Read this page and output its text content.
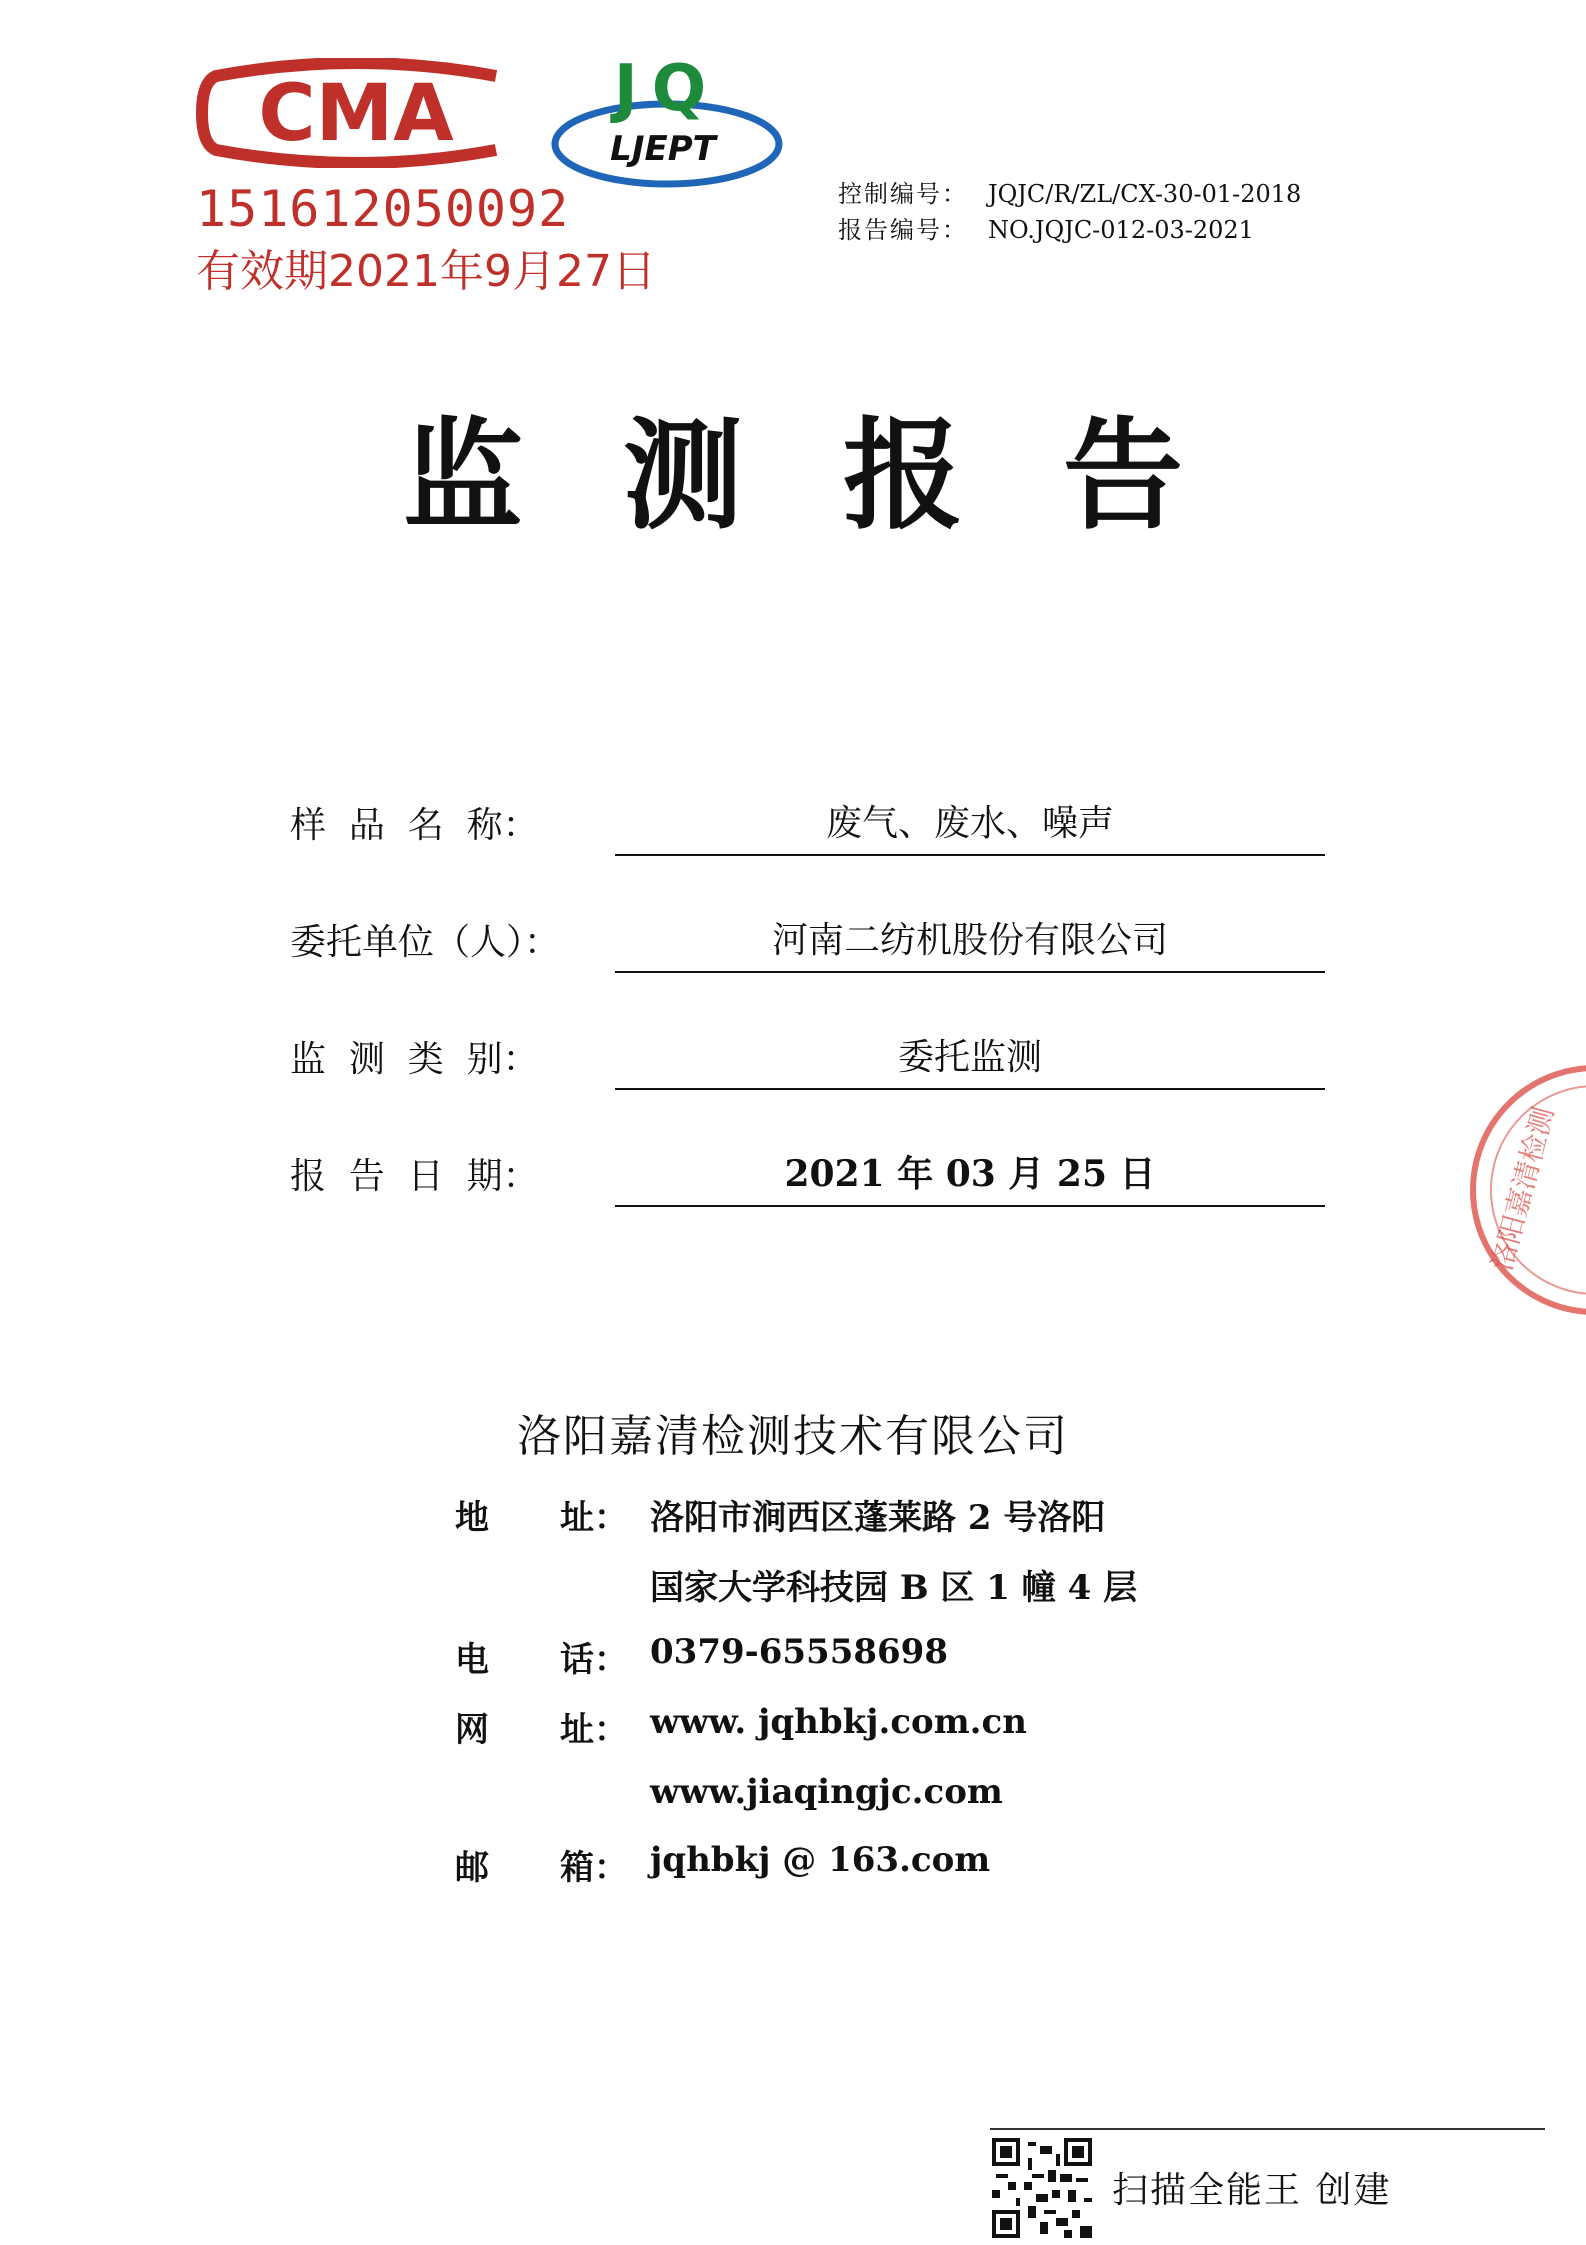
CMA
151612050092
有效期2021年9月27日
JQ
LJEPT
控制编号： JQJC/R/ZL/CX-30-01-2018
报告编号： NO.JQJC-012-03-2021
监测报告
样  品  名  称：	废气、废水、噪声
委托单位（人）：	河南二纺机股份有限公司
监  测  类  别：	委托监测
报  告  日  期：	2021 年 03 月 25 日	洛阳嘉清检测
洛阳嘉清检测技术有限公司
地      址： 洛阳市涧西区蓬莱路 2 号洛阳
国家大学科技园 B 区 1 幢 4 层
电      话： 0379-65558698
网      址： www. jqhbkj.com.cn
www.jiaqingjc.com
邮      箱： jqhbkj @ 163.com
扫描全能王 创建
